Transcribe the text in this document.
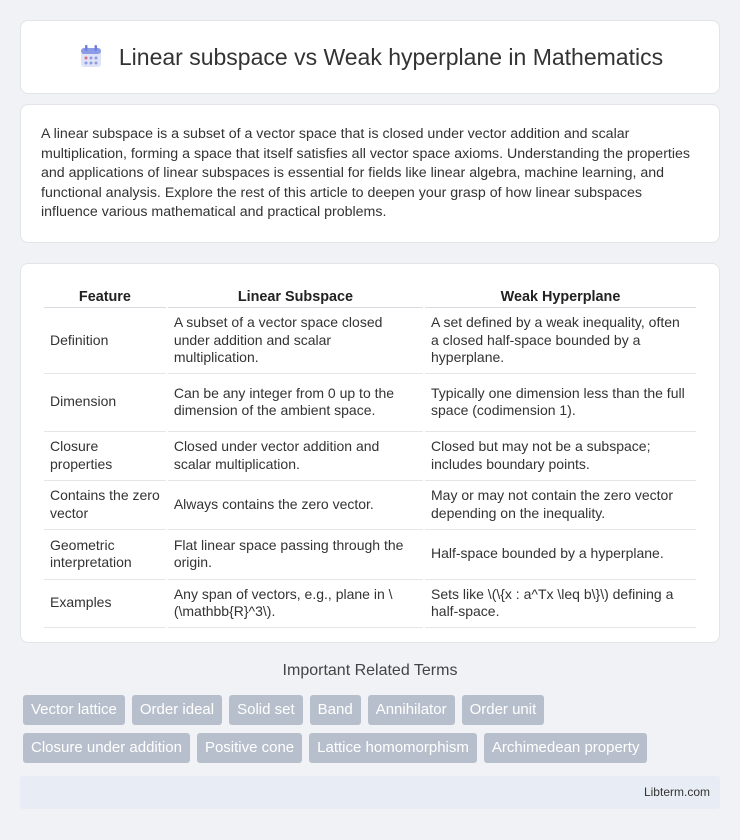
Linear subspace vs Weak hyperplane in Mathematics

A linear subspace is a subset of a vector space that is closed under vector addition and scalar multiplication, forming a space that itself satisfies all vector space axioms. Understanding the properties and applications of linear subspaces is essential for fields like linear algebra, machine learning, and functional analysis. Explore the rest of this article to deepen your grasp of how linear subspaces influence various mathematical and practical problems.

Feature	Linear Subspace	Weak Hyperplane
Definition	A subset of a vector space closed under addition and scalar multiplication.	A set defined by a weak inequality, often a closed half-space bounded by a hyperplane.
Dimension	Can be any integer from 0 up to the dimension of the ambient space.	Typically one dimension less than the full space (codimension 1).
Closure properties	Closed under vector addition and scalar multiplication.	Closed but may not be a subspace; includes boundary points.
Contains the zero vector	Always contains the zero vector.	May or may not contain the zero vector depending on the inequality.
Geometric interpretation	Flat linear space passing through the origin.	Half-space bounded by a hyperplane.
Examples	Any span of vectors, e.g., plane in \(\mathbb{R}^3\).	Sets like \(\{x : a^Tx \leq b\}\) defining a half-space.
Important Related Terms
Vector lattice	Order ideal	Solid set	Band	Annihilator	Order unit
Closure under addition	Positive cone	Lattice homomorphism	Archimedean property
Libterm.com
